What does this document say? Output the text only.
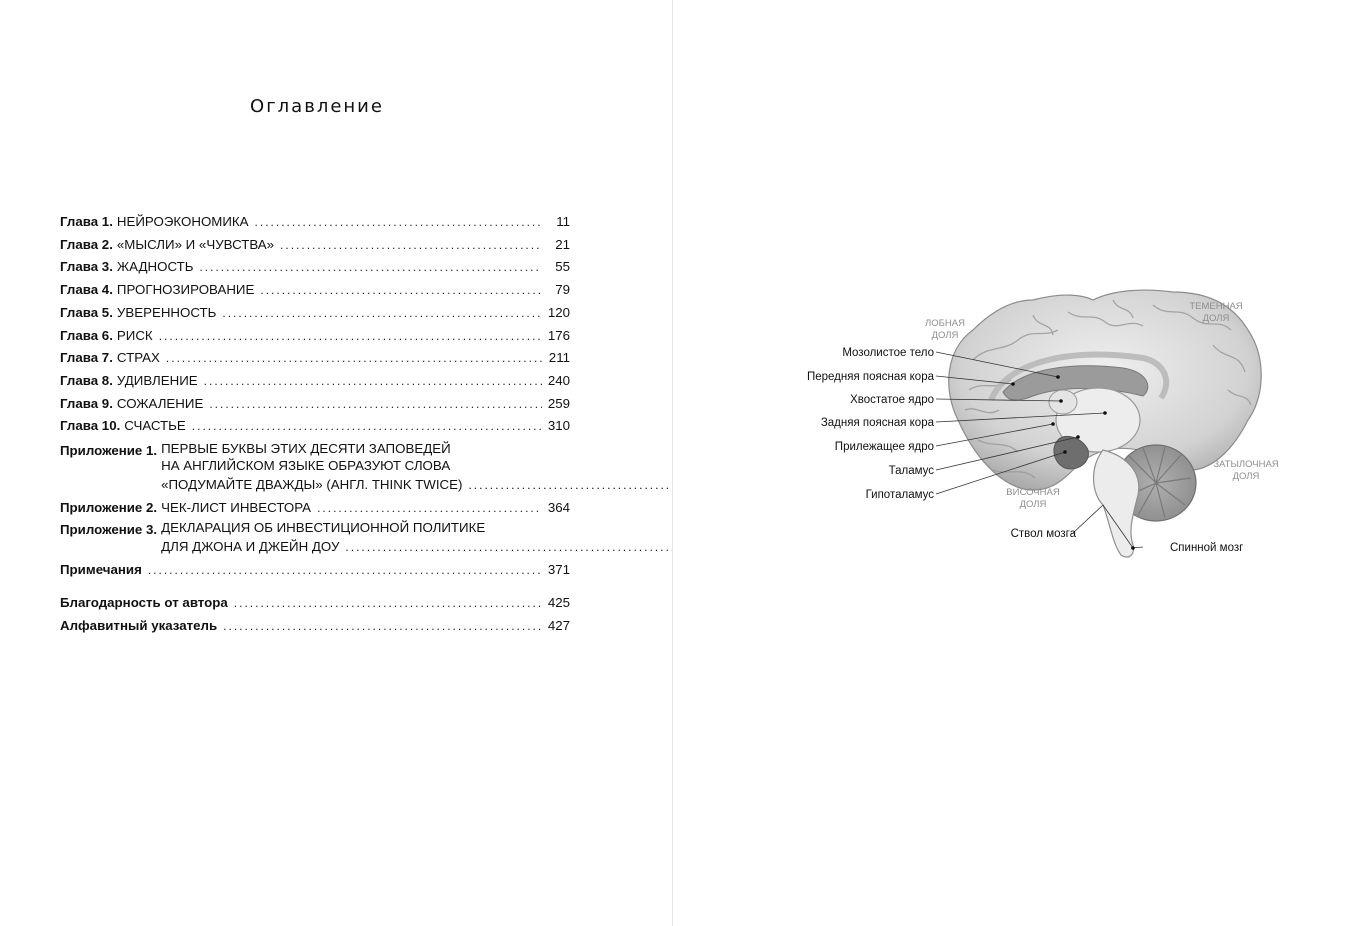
Оглавление
Глава 1. НЕЙРОЭКОНОМИКА .....	11
Глава 2. «МЫСЛИ» И «ЧУВСТВА» .....	21
Глава 3. ЖАДНОСТЬ .....	55
Глава 4. ПРОГНОЗИРОВАНИЕ .....	79
Глава 5. УВЕРЕННОСТЬ .....	120
Глава 6. РИСК .....	176
Глава 7. СТРАХ .....	211
Глава 8. УДИВЛЕНИЕ .....	240
Глава 9. СОЖАЛЕНИЕ .....	259
Глава 10. СЧАСТЬЕ .....	310
Приложение 1. ПЕРВЫЕ БУКВЫ ЭТИХ ДЕСЯТИ ЗАПОВЕДЕЙ
НА АНГЛИЙСКОМ ЯЗЫКЕ ОБРАЗУЮТ СЛОВА
«ПОДУМАЙТЕ ДВАЖДЫ» (АНГЛ. THINK TWICE)
.....
Приложение 2. ЧЕК-ЛИСТ ИНВЕСТОРА .....	364
Приложение 3. ДЕКЛАРАЦИЯ ОБ ИНВЕСТИЦИОННОЙ ПОЛИТИКЕ
ДЛЯ ДЖОНА И ДЖЕЙН ДОУ
.....
Примечания .....	371
Благодарность от автора .....	425
Алфавитный указатель .....	427
ЛОБНАЯ
ДОЛЯ
ТЕМЕННАЯ
ДОЛЯ
ЗАТЫЛОЧНАЯ
ДОЛЯ
ВИСОЧНАЯ
ДОЛЯ
Мозолистое тело
Передняя поясная кора
Хвостатое ядро
Задняя поясная кора
Прилежащее ядро
Таламус
Гипоталамус
Ствол мозга
Спинной мозг
